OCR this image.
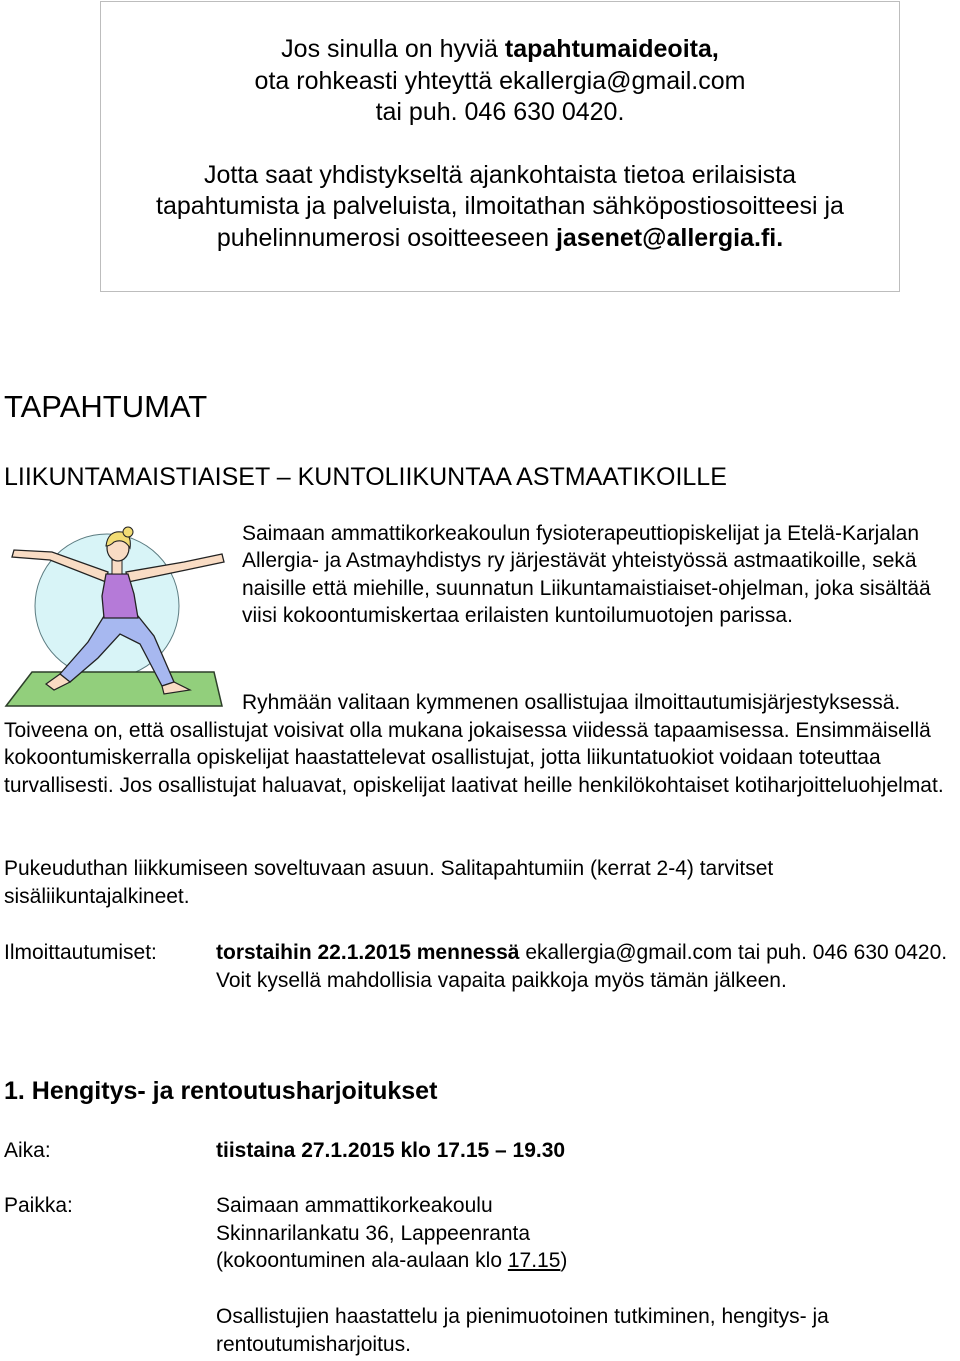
Jos sinulla on hyviä tapahtumaideoita,
ota rohkeasti yhteyttä ekallergia@gmail.com
tai puh. 046 630 0420.
Jotta saat yhdistykseltä ajankohtaista tietoa erilaisista
tapahtumista ja palveluista, ilmoitathan sähköpostiosoitteesi ja
puhelinnumerosi osoitteeseen jasenet@allergia.fi.
TAPAHTUMAT
LIIKUNTAMAISTIAISET – KUNTOLIIKUNTAA ASTMAATIKOILLE
Saimaan ammattikorkeakoulun fysioterapeuttiopiskelijat ja Etelä-Karjalan Allergia- ja Astmayhdistys ry järjestävät yhteistyössä astmaatikoille, sekä naisille että miehille, suunnatun Liikuntamaistiaiset-ohjelman, joka sisältää viisi kokoontumiskertaa erilaisten kuntoilumuotojen parissa.
Ryhmään valitaan kymmenen osallistujaa ilmoittautumisjärjestyksessä. Toiveena on, että osallistujat voisivat olla mukana jokaisessa viidessä tapaamisessa. Ensimmäisellä kokoontumiskerralla opiskelijat haastattelevat osallistujat, jotta liikuntatuokiot voidaan toteuttaa turvallisesti. Jos osallistujat haluavat, opiskelijat laativat heille henkilökohtaiset kotiharjoitteluohjelmat.
Pukeuduthan liikkumiseen soveltuvaan asuun. Salitapahtumiin (kerrat 2-4) tarvitset sisäliikuntajalkineet.
Ilmoittautumiset:	torstaihin 22.1.2015 mennessä ekallergia@gmail.com tai puh. 046 630 0420. Voit kysellä mahdollisia vapaita paikkoja myös tämän jälkeen.
1. Hengitys- ja rentoutusharjoitukset
Aika:	tiistaina 27.1.2015 klo 17.15 – 19.30
Paikka:	Saimaan ammattikorkeakoulu
Skinnarilankatu 36, Lappeenranta
(kokoontuminen ala-aulaan klo 17.15)
Osallistujien haastattelu ja pienimuotoinen tutkiminen, hengitys- ja rentoutumisharjoitus.
